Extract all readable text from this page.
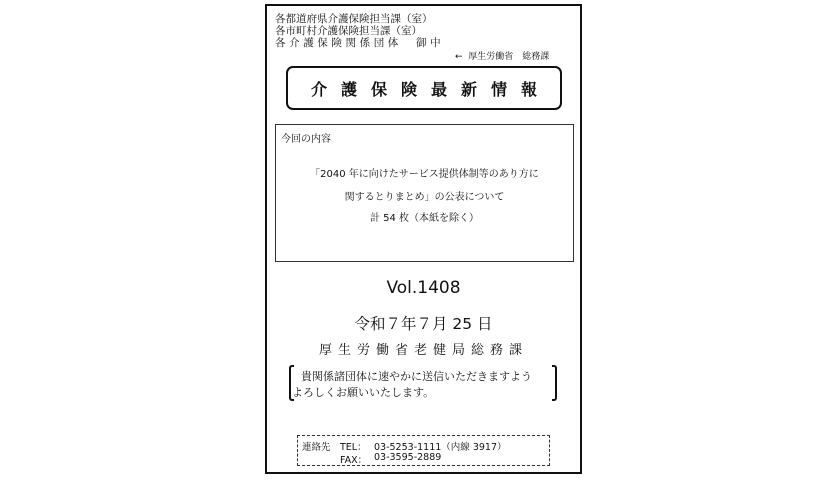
各都道府県介護保険担当課（室）
各市町村介護保険担当課（室）
各介護保険関係団体　御中
← 厚生労働省　総務課
介護保険最新情報
今回の内容
「2040 年に向けたサービス提供体制等のあり方に
関するとりまとめ」の公表について
計 54 枚（本紙を除く）
Vol.1408
令和７年７月 25 日
厚生労働省老健局総務課
貴関係諸団体に速やかに送信いただきますよう
よろしくお願いいたします。
連絡先 TEL： 03-5253-1111（内線 3917）
FAX： 03-3595-2889
